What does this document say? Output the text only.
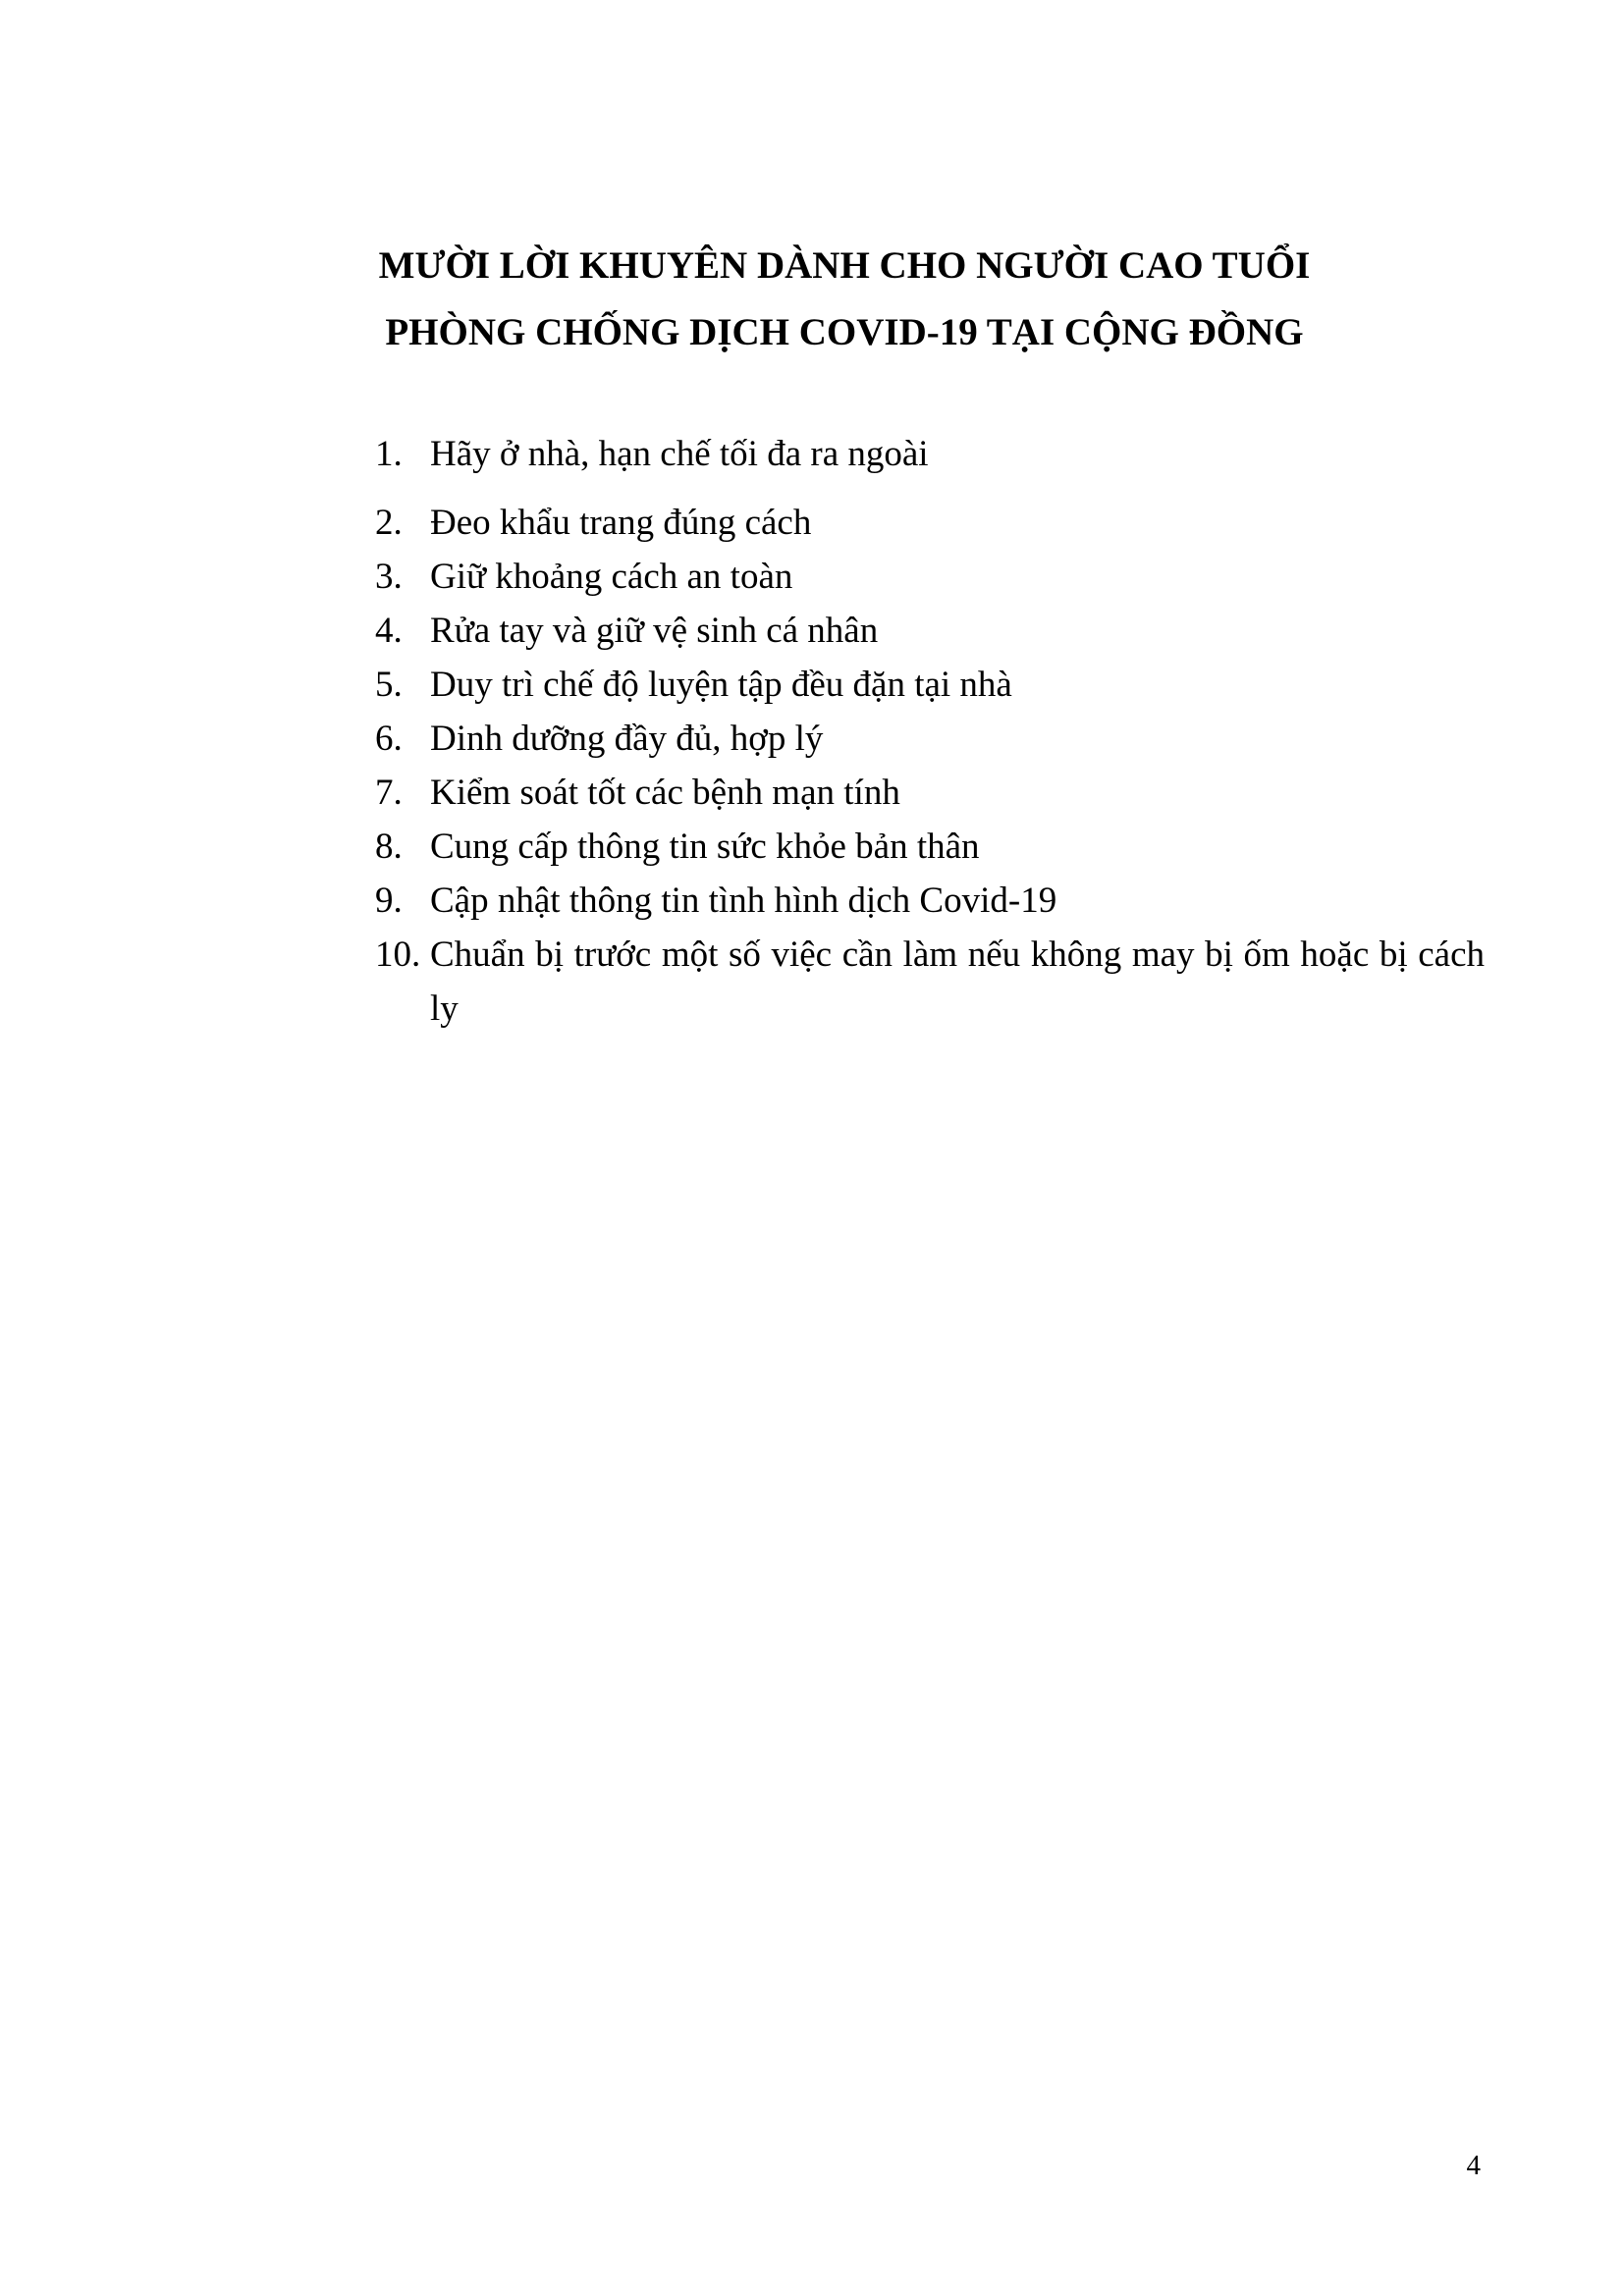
MƯỜI LỜI KHUYÊN DÀNH CHO NGƯỜI CAO TUỔI
PHÒNG CHỐNG DỊCH COVID-19 TẠI CỘNG ĐỒNG
1. Hãy ở nhà, hạn chế tối đa ra ngoài
2. Đeo khẩu trang đúng cách
3. Giữ khoảng cách an toàn
4. Rửa tay và giữ vệ sinh cá nhân
5. Duy trì chế độ luyện tập đều đặn tại nhà
6. Dinh dưỡng đầy đủ, hợp lý
7. Kiểm soát tốt các bệnh mạn tính
8. Cung cấp thông tin sức khỏe bản thân
9. Cập nhật thông tin tình hình dịch Covid-19
10. Chuẩn bị trước một số việc cần làm nếu không may bị ốm hoặc bị cách ly
4
